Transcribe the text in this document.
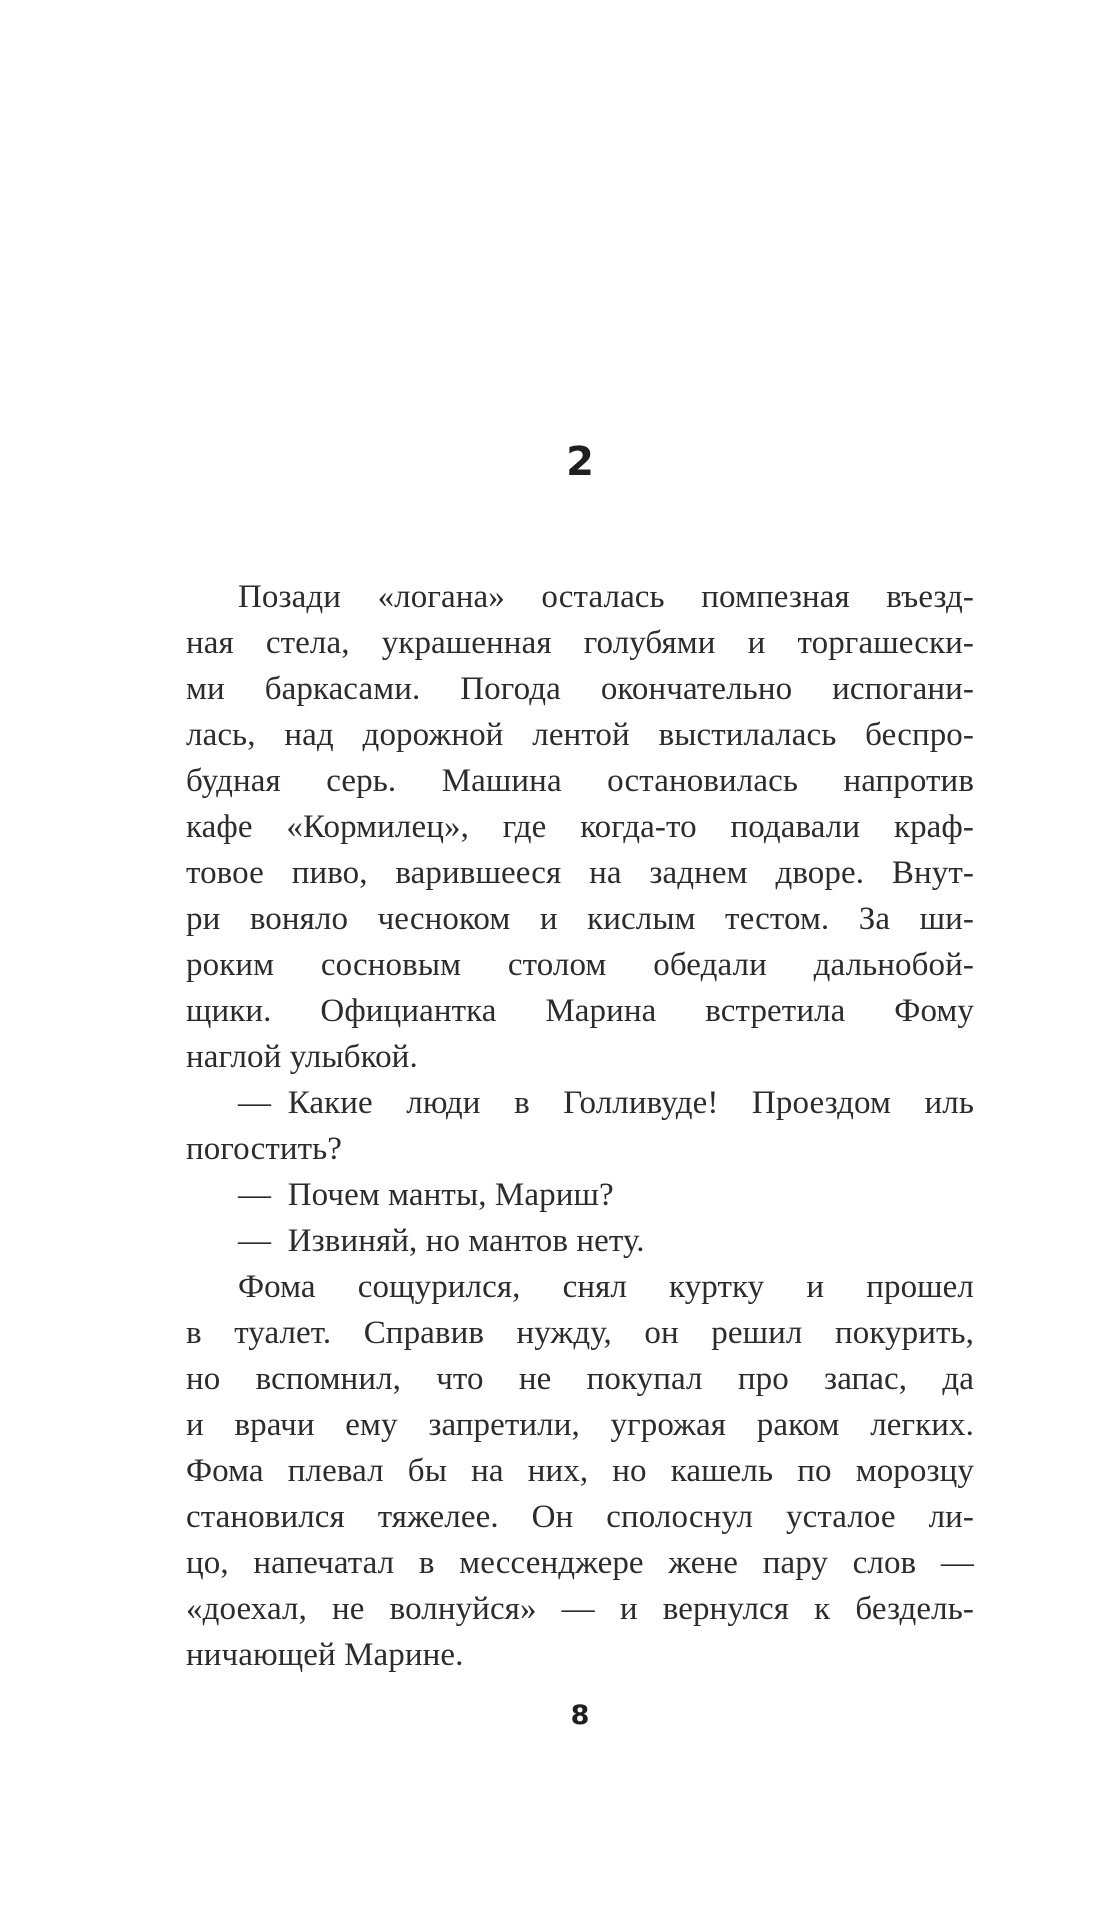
2
Позади «логана» осталась помпезная въезд-
ная стела, украшенная голубями и торгашески-
ми баркасами. Погода окончательно испогани-
лась, над дорожной лентой выстилалась беспро-
будная серь. Машина остановилась напротив
кафе «Кормилец», где когда-то подавали краф-
товое пиво, варившееся на заднем дворе. Внут-
ри воняло чесноком и кислым тестом. За ши-
роким сосновым столом обедали дальнобой-
щики. Официантка Марина встретила Фому
наглой улыбкой.
— Какие люди в Голливуде! Проездом иль
погостить?
— Почем манты, Мариш?
— Извиняй, но мантов нету.
Фома сощурился, снял куртку и прошел
в туалет. Справив нужду, он решил покурить,
но вспомнил, что не покупал про запас, да
и врачи ему запретили, угрожая раком легких.
Фома плевал бы на них, но кашель по морозцу
становился тяжелее. Он сполоснул усталое ли-
цо, напечатал в мессенджере жене пару слов —
«доехал, не волнуйся» — и вернулся к бездель-
ничающей Марине.
8
